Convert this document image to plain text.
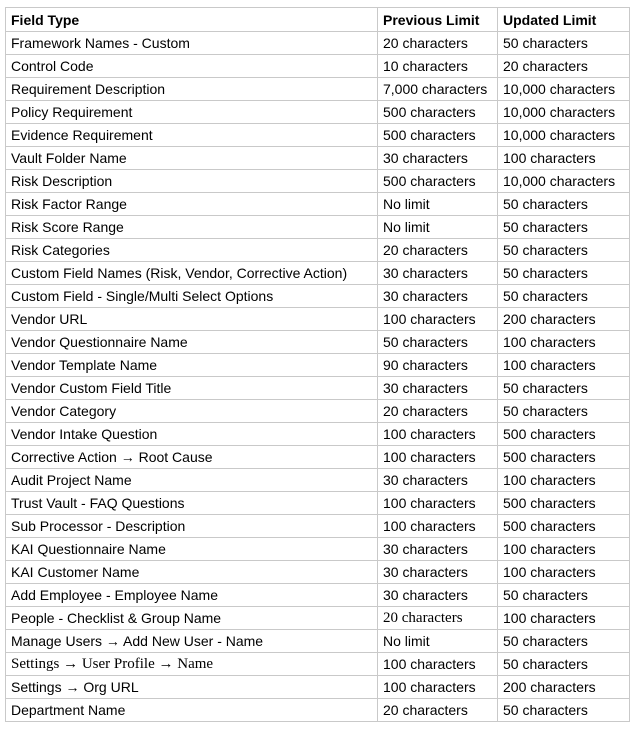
Field Type	Previous Limit	Updated Limit
Framework Names - Custom	20 characters	50 characters
Control Code	10 characters	20 characters
Requirement Description	7,000 characters	10,000 characters
Policy Requirement	500 characters	10,000 characters
Evidence Requirement	500 characters	10,000 characters
Vault Folder Name	30 characters	100 characters
Risk Description	500 characters	10,000 characters
Risk Factor Range	No limit	50 characters
Risk Score Range	No limit	50 characters
Risk Categories	20 characters	50 characters
Custom Field Names (Risk, Vendor, Corrective Action)	30 characters	50 characters
Custom Field - Single/Multi Select Options	30 characters	50 characters
Vendor URL	100 characters	200 characters
Vendor Questionnaire Name	50 characters	100 characters
Vendor Template Name	90 characters	100 characters
Vendor Custom Field Title	30 characters	50 characters
Vendor Category	20 characters	50 characters
Vendor Intake Question	100 characters	500 characters
Corrective Action → Root Cause	100 characters	500 characters
Audit Project Name	30 characters	100 characters
Trust Vault - FAQ Questions	100 characters	500 characters
Sub Processor - Description	100 characters	500 characters
KAI Questionnaire Name	30 characters	100 characters
KAI Customer Name	30 characters	100 characters
Add Employee - Employee Name	30 characters	50 characters
People - Checklist & Group Name	20 characters	100 characters
Manage Users → Add New User - Name	No limit	50 characters
Settings → User Profile → Name	100 characters	50 characters
Settings → Org URL	100 characters	200 characters
Department Name	20 characters	50 characters
